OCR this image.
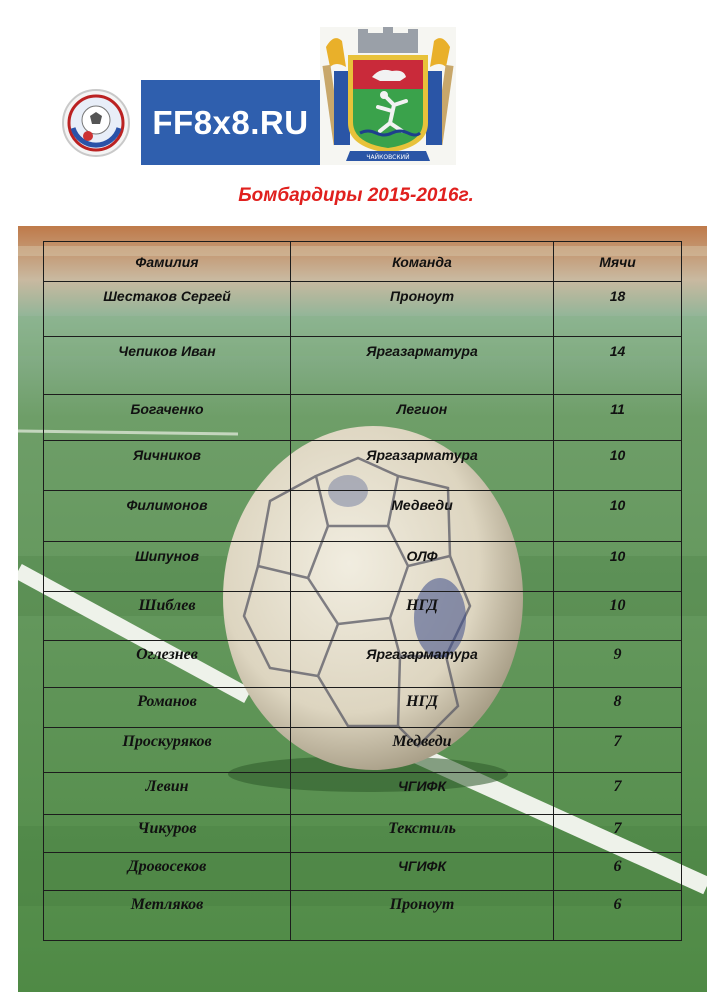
FF8x8.RU
ЧАЙКОВСКИЙ
Бомбардиры 2015-2016г.
Фамилия	Команда	Мячи

Шестаков Сергей	Проноут	18

Чепиков Иван	Яргазарматура	14

Богаченко	Легион	11

Яичников	Яргазарматура	10

Филимонов	Медведи	10

Шипунов	ОЛФ	10

Шиблев	НГД	10

Оглезнев	Яргазарматура	9

Романов	НГД	8

Проскуряков	Медведи	7

Левин	ЧГИФК	7

Чикуров	Текстиль	7

Дровосеков	ЧГИФК	6

Метляков	Проноут	6
